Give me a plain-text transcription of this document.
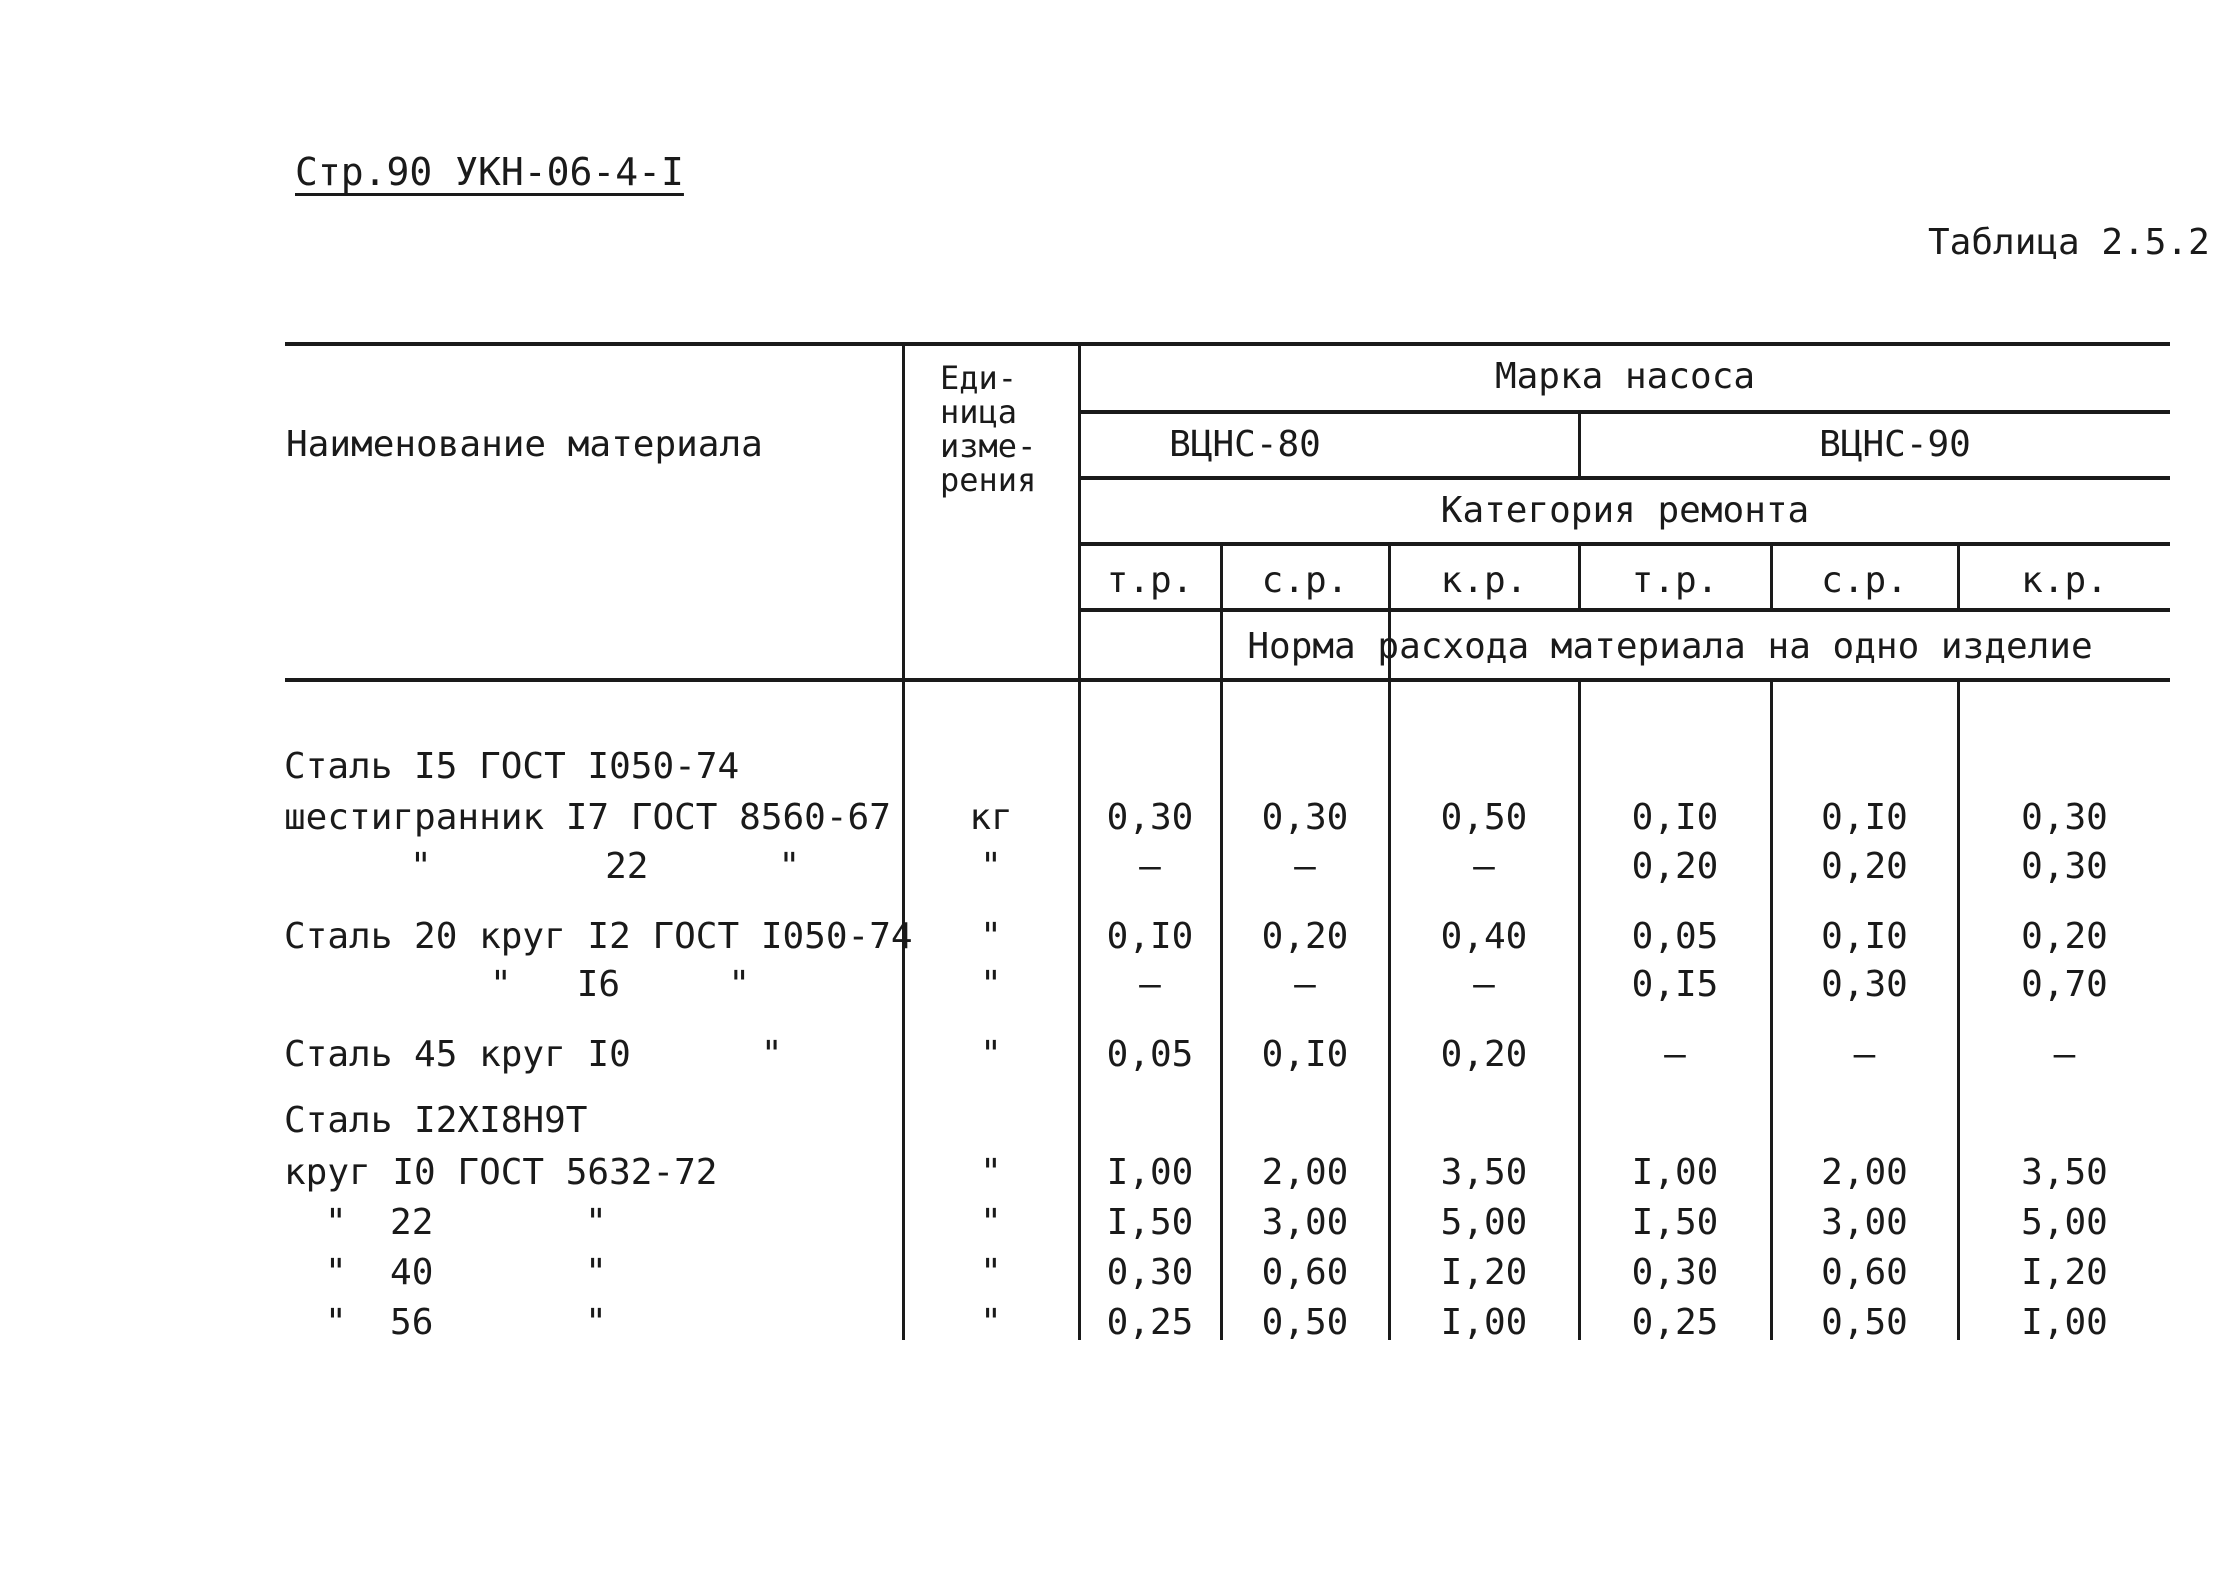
Стр.90 УКН-06-4-I
Таблица 2.5.2
Наименование материала
Еди-
ница
изме-
рения
Марка насоса
ВЦНС-80	ВЦНС-90
Категория ремонта
т.р.	с.р.	к.р.	т.р.	с.р.	к.р.
Норма расхода материала на одно изделие
Сталь I5 ГОСТ I050-74
шестигранник I7 ГОСТ 8560-67	кг	0,30	0,30	0,50	0,I0	0,I0	0,30
"        22      "	"	–	–	–	0,20	0,20	0,30
Сталь 20 круг I2 ГОСТ I050-74	"	0,I0	0,20	0,40	0,05	0,I0	0,20
"   I6     "	"	–	–	–	0,I5	0,30	0,70
Сталь 45 круг I0      "	"	0,05	0,I0	0,20	–	–	–
Сталь I2XI8H9T
круг I0 ГОСТ 5632-72	"	I,00	2,00	3,50	I,00	2,00	3,50
"  22       "	"	I,50	3,00	5,00	I,50	3,00	5,00
"  40       "	"	0,30	0,60	I,20	0,30	0,60	I,20
"  56       "	"	0,25	0,50	I,00	0,25	0,50	I,00
